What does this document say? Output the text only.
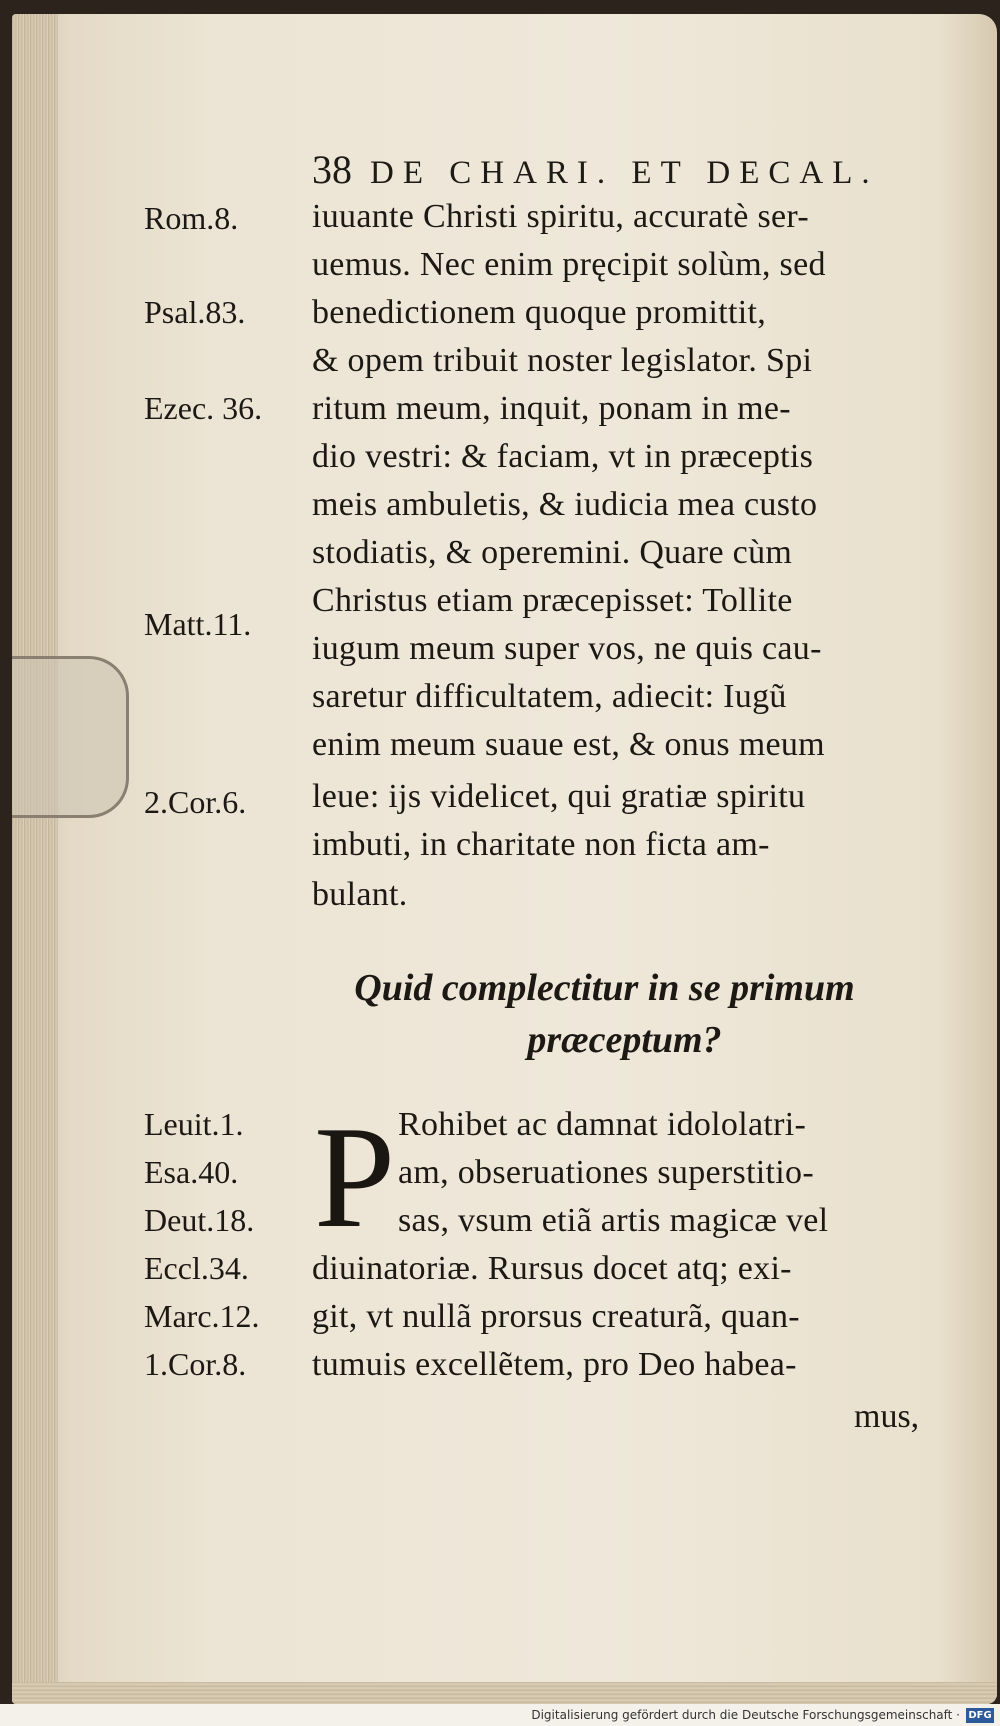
38 DE CHARI. ET DECAL.
Rom.8.
Psal.83.
Ezec. 36.
Matt.11.
2.Cor.6.
Leuit.1.
Esa.40.
Deut.18.
Eccl.34.
Marc.12.
1.Cor.8.
iuuante Christi spiritu, accuratè ser-
uemus. Nec enim pręcipit solùm, sed
benedictionem quoque promittit,
& opem tribuit noster legislator. Spi
ritum meum, inquit, ponam in me-
dio vestri: & faciam, vt in præceptis
meis ambuletis, & iudicia mea custo
stodiatis, & operemini. Quare cùm
Christus etiam præcepisset: Tollite
iugum meum super vos, ne quis cau-
saretur difficultatem, adiecit: Iugũ
enim meum suaue est, & onus meum
leue: ijs videlicet, qui gratiæ spiritu
imbuti, in charitate non ficta am-
bulant.
Quid complectitur in se primum
præceptum?
P Rohibet ac damnat idololatri-
am, obseruationes superstitio-
sas, vsum etiã artis magicæ vel
diuinatoriæ. Rursus docet atq; exi-
git, vt nullã prorsus creaturã, quan-
tumuis excellẽtem, pro Deo habea-
mus,
Digitalisierung gefördert durch die Deutsche Forschungsgemeinschaft · DFG
